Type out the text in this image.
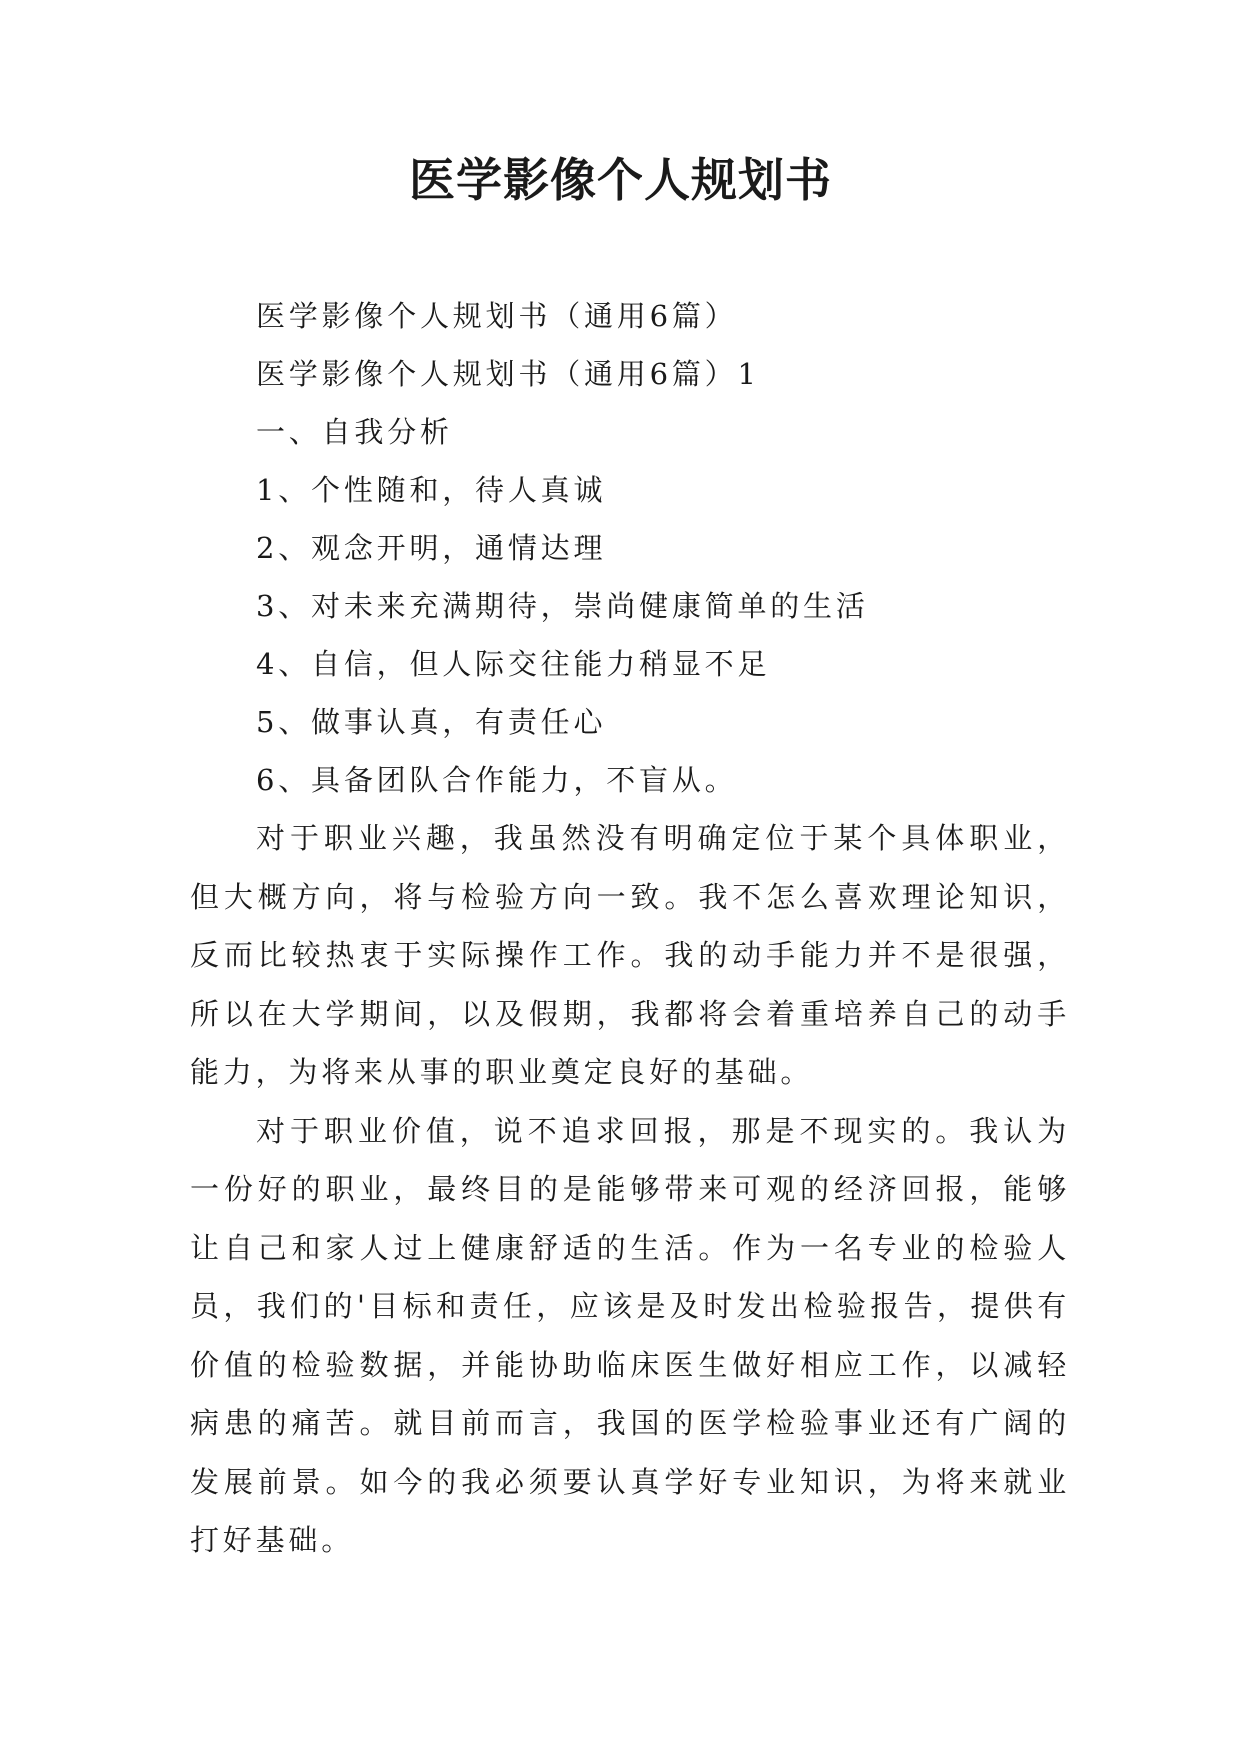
医学影像个人规划书

医学影像个人规划书（通用6篇）

医学影像个人规划书（通用6篇）1

一、自我分析

1、个性随和，待人真诚

2、观念开明，通情达理

3、对未来充满期待，崇尚健康简单的生活

4、自信，但人际交往能力稍显不足

5、做事认真，有责任心

6、具备团队合作能力，不盲从。

对于职业兴趣，我虽然没有明确定位于某个具体职业，但大概方向，将与检验方向一致。我不怎么喜欢理论知识，反而比较热衷于实际操作工作。我的动手能力并不是很强，所以在大学期间，以及假期，我都将会着重培养自己的动手能力，为将来从事的职业奠定良好的基础。

对于职业价值，说不追求回报，那是不现实的。我认为一份好的职业，最终目的是能够带来可观的经济回报，能够让自己和家人过上健康舒适的生活。作为一名专业的检验人员，我们的'目标和责任，应该是及时发出检验报告，提供有价值的检验数据，并能协助临床医生做好相应工作，以减轻病患的痛苦。就目前而言，我国的医学检验事业还有广阔的发展前景。如今的我必须要认真学好专业知识，为将来就业打好基础。
